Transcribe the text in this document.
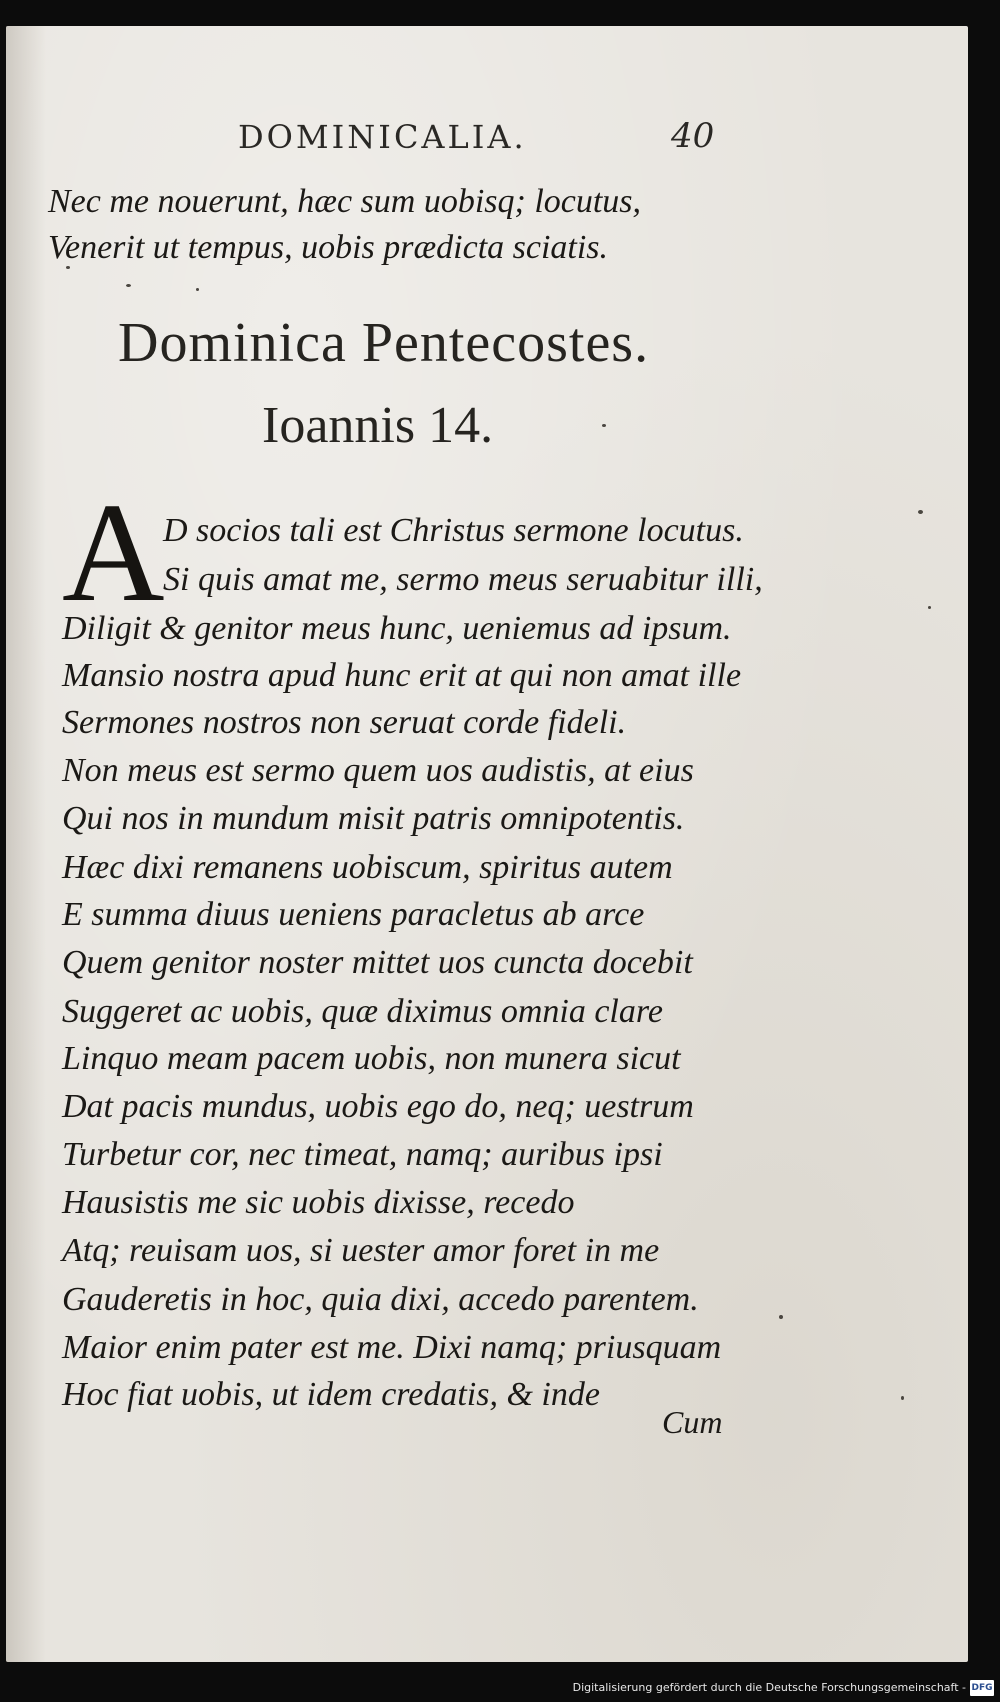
DOMINICALIA.	40
Nec me nouerunt, hæc sum uobisq; locutus,
Venerit ut tempus, uobis prædicta sciatis.
Dominica Pentecostes.
Ioannis 14.
A
D socios tali est Christus sermone locutus.
Si quis amat me, sermo meus seruabitur illi,
Diligit & genitor meus hunc, ueniemus ad ipsum.
Mansio nostra apud hunc erit at qui non amat ille
Sermones nostros non seruat corde fideli.
Non meus est sermo quem uos audistis, at eius
Qui nos in mundum misit patris omnipotentis.
Hæc dixi remanens uobiscum, spiritus autem
E summa diuus ueniens paracletus ab arce
Quem genitor noster mittet uos cuncta docebit
Suggeret ac uobis, quæ diximus omnia clare
Linquo meam pacem uobis, non munera sicut
Dat pacis mundus, uobis ego do, neq; uestrum
Turbetur cor, nec timeat, namq; auribus ipsi
Hausistis me sic uobis dixisse, recedo
Atq; reuisam uos, si uester amor foret in me
Gauderetis in hoc, quia dixi, accedo parentem.
Maior enim pater est me. Dixi namq; priusquam
Hoc fiat uobis, ut idem credatis, & inde
Cum
Digitalisierung gefördert durch die Deutsche Forschungsgemeinschaft - DFG
